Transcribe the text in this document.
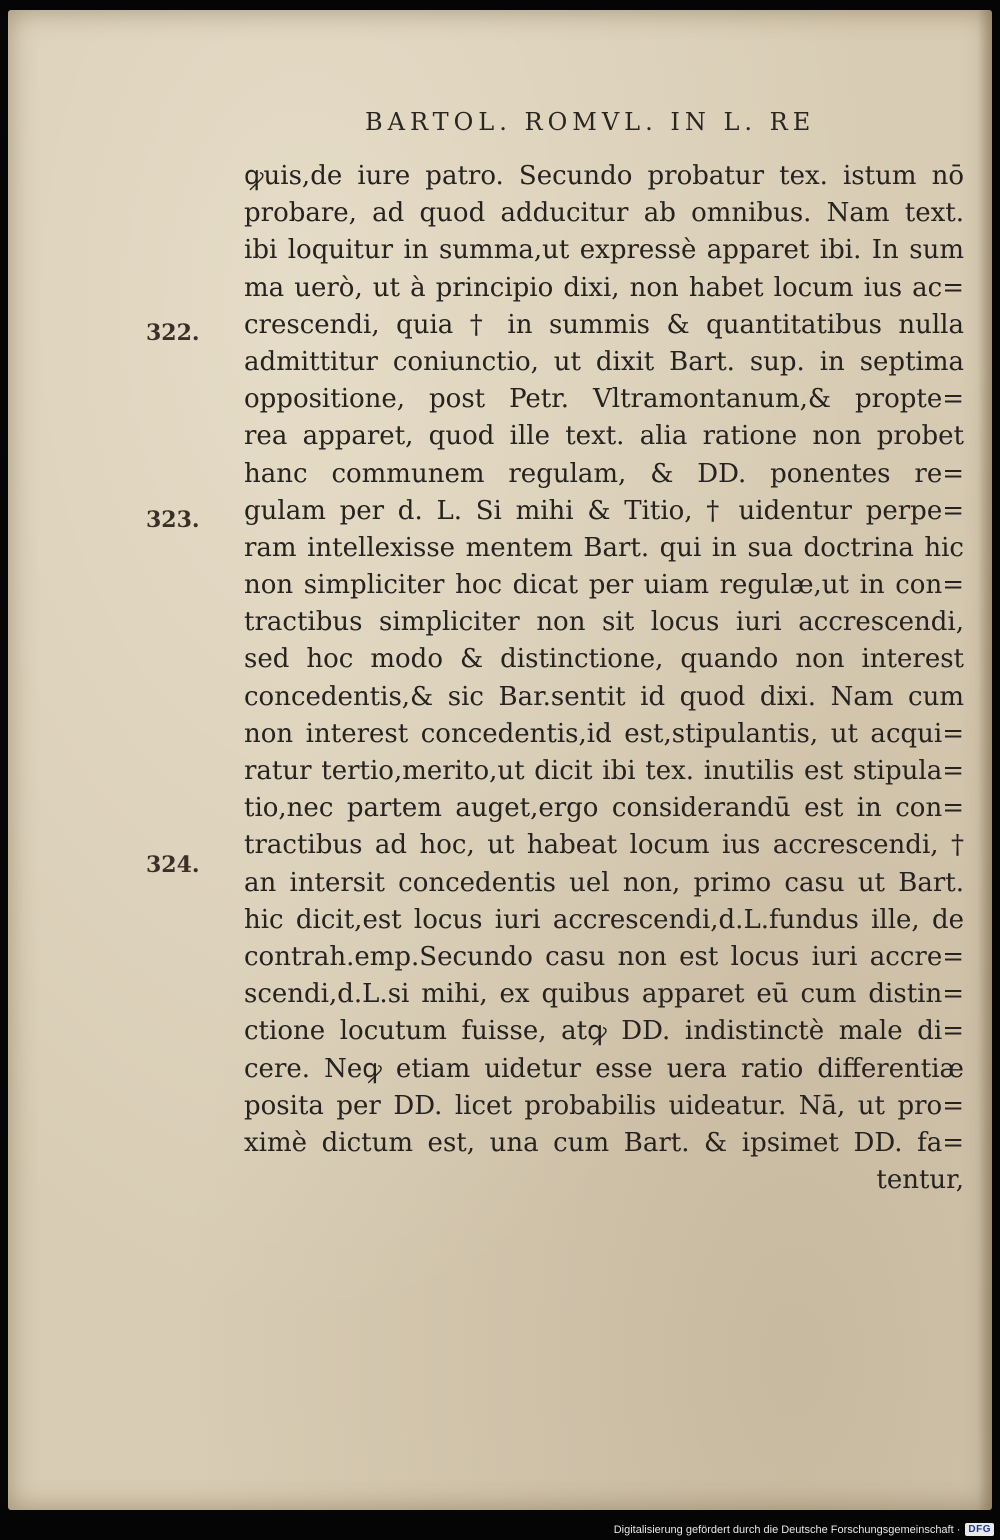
BARTOL. ROMVL. IN L. RE
322.
323.
324.
ꝙuis,de iure patro. Secundo probatur tex. istum nō
probare, ad quod adducitur ab omnibus. Nam text.
ibi loquitur in summa,ut expressè apparet ibi. In sum
ma uerò, ut à principio dixi, non habet locum ius ac=
crescendi, quia † in summis & quantitatibus nulla
admittitur coniunctio, ut dixit Bart. sup. in septima
oppositione, post Petr. Vltramontanum,& propte=
rea apparet, quod ille text. alia ratione non probet
hanc communem regulam, & DD. ponentes re=
gulam per d. L. Si mihi & Titio, † uidentur perpe=
ram intellexisse mentem Bart. qui in sua doctrina hic
non simpliciter hoc dicat per uiam regulæ,ut in con=
tractibus simpliciter non sit locus iuri accrescendi,
sed hoc modo & distinctione, quando non interest
concedentis,& sic Bar.sentit id quod dixi. Nam cum
non interest concedentis,id est,stipulantis, ut acqui=
ratur tertio,merito,ut dicit ibi tex. inutilis est stipula=
tio,nec partem auget,ergo considerandū est in con=
tractibus ad hoc, ut habeat locum ius accrescendi, †
an intersit concedentis uel non, primo casu ut Bart.
hic dicit,est locus iuri accrescendi,d.L.fundus ille, de
contrah.emp.Secundo casu non est locus iuri accre=
scendi,d.L.si mihi, ex quibus apparet eū cum distin=
ctione locutum fuisse, atꝙ DD. indistinctè male di=
cere. Neꝙ etiam uidetur esse uera ratio differentiæ
posita per DD. licet probabilis uideatur. Nā, ut pro=
ximè dictum est, una cum Bart. & ipsimet DD. fa=
tentur,
Digitalisierung gefördert durch die Deutsche Forschungsgemeinschaft · DFG
